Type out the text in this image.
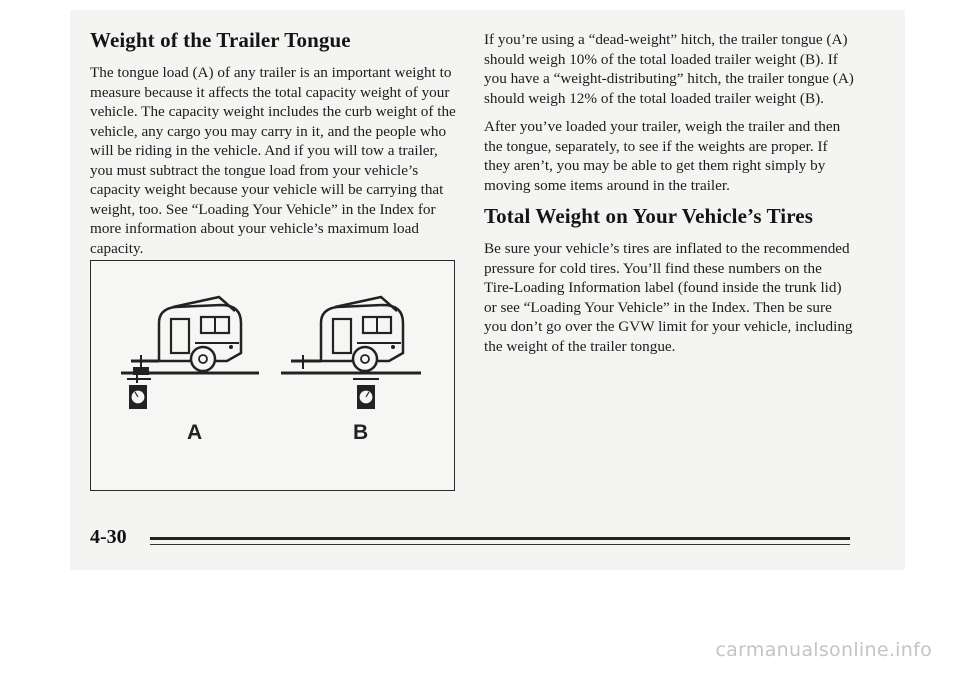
Weight of the Trailer Tongue

The tongue load (A) of any trailer is an important weight to measure because it affects the total capacity weight of your vehicle. The capacity weight includes the curb weight of the vehicle, any cargo you may carry in it, and the people who will be riding in the vehicle. And if you will tow a trailer, you must subtract the tongue load from your vehicle’s capacity weight because your vehicle will be carrying that weight, too. See “Loading Your Vehicle” in the Index for more information about your vehicle’s maximum load capacity.

A	B

If you’re using a “dead-weight” hitch, the trailer tongue (A) should weigh 10% of the total loaded trailer weight (B). If you have a “weight-distributing” hitch, the trailer tongue (A) should weigh 12% of the total loaded trailer weight (B).

After you’ve loaded your trailer, weigh the trailer and then the tongue, separately, to see if the weights are proper. If they aren’t, you may be able to get them right simply by moving some items around in the trailer.

Total Weight on Your Vehicle’s Tires

Be sure your vehicle’s tires are inflated to the recommended pressure for cold tires. You’ll find these numbers on the Tire-Loading Information label (found inside the trunk lid) or see “Loading Your Vehicle” in the Index. Then be sure you don’t go over the GVW limit for your vehicle, including the weight of the trailer tongue.

4-30
carmanualsonline.info
